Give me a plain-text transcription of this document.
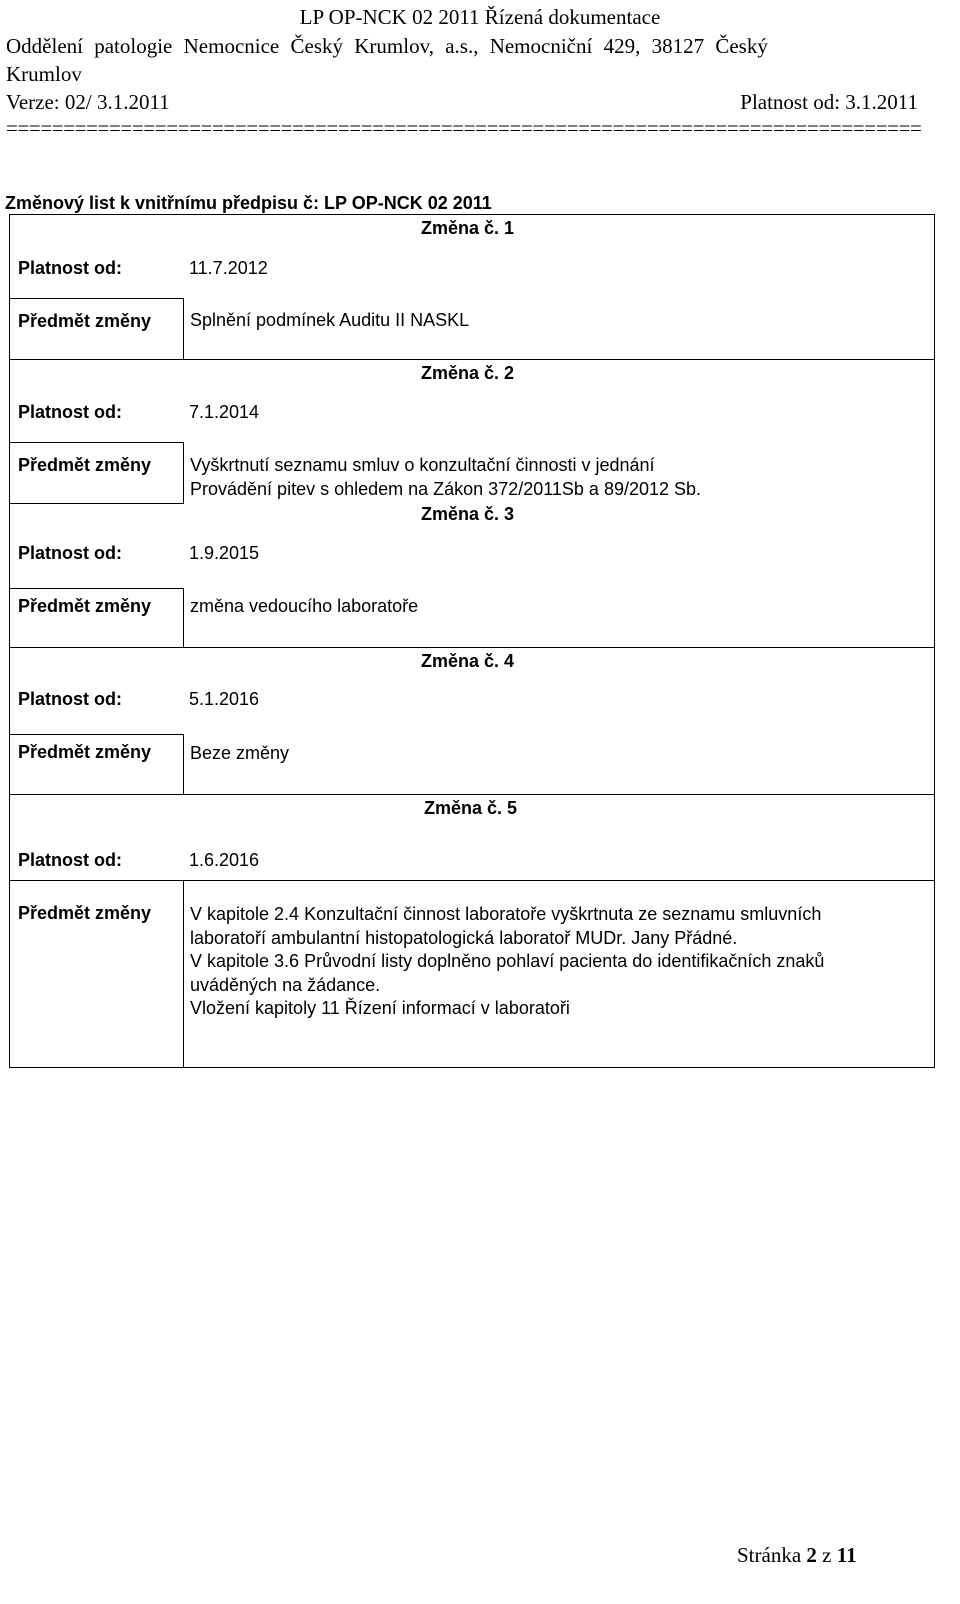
LP OP-NCK 02 2011 Řízená dokumentace
Oddělení patologie Nemocnice Český Krumlov, a.s., Nemocniční 429, 38127 Český
Krumlov
Verze: 02/ 3.1.2011	Platnost od: 3.1.2011
================================================================================
Změnový list k vnitřnímu předpisu č: LP OP-NCK 02 2011
Změna č. 1
Platnost od:	11.7.2012
Předmět změny Splnění podmínek Auditu II NASKL
Změna č. 2
Platnost od:	7.1.2014
Předmět změny Vyškrtnutí seznamu smluv o konzultační činnosti v jednání
Provádění pitev s ohledem na Zákon 372/2011Sb a 89/2012 Sb.
Změna č. 3
Platnost od:	1.9.2015
Předmět změny změna vedoucího laboratoře
Změna č. 4
Platnost od:	5.1.2016
Předmět změny Beze změny
Změna č. 5
Platnost od:	1.6.2016
Předmět změny V kapitole 2.4 Konzultační činnost laboratoře vyškrtnuta ze seznamu smluvních
laboratoří ambulantní histopatologická laboratoř MUDr. Jany Přádné.
V kapitole 3.6 Průvodní listy doplněno pohlaví pacienta do identifikačních znaků
uváděných na žádance.
Vložení kapitoly 11 Řízení informací v laboratoři
Stránka 2 z 11
